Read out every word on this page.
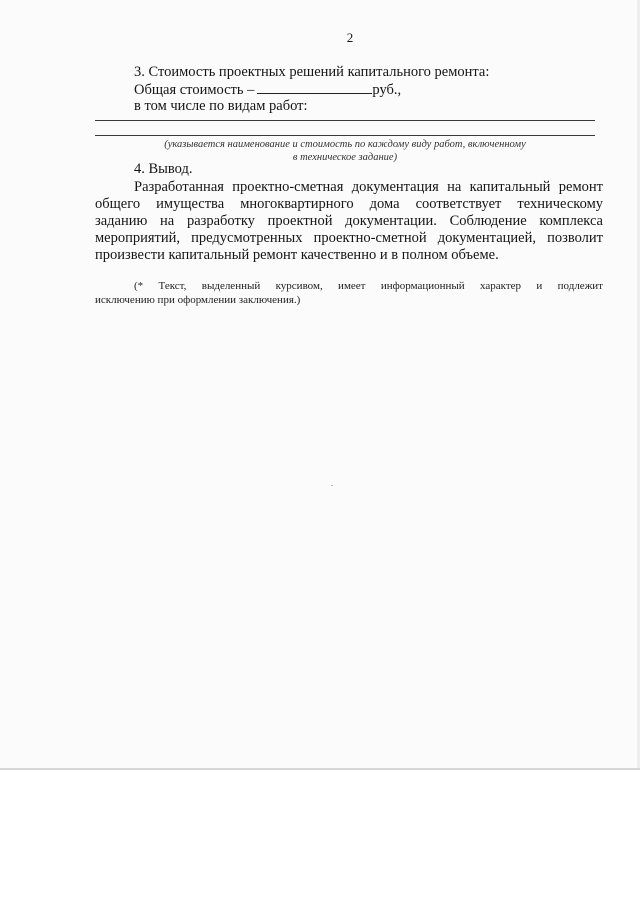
2
3. Стоимость проектных решений капитального ремонта:
Общая стоимость –	руб.,
в том числе по видам работ:
(указывается наименование и стоимость по каждому виду работ, включенному
в техническое задание)
4. Вывод.
Разработанная проектно-сметная документация на капитальный ремонт
общего имущества многоквартирного дома соответствует техническому
заданию на разработку проектной документации. Соблюдение комплекса
мероприятий, предусмотренных проектно-сметной документацией, позволит
произвести капитальный ремонт качественно и в полном объеме.
(* Текст, выделенный курсивом, имеет информационный характер и подлежит
исключению при оформлении заключения.)
